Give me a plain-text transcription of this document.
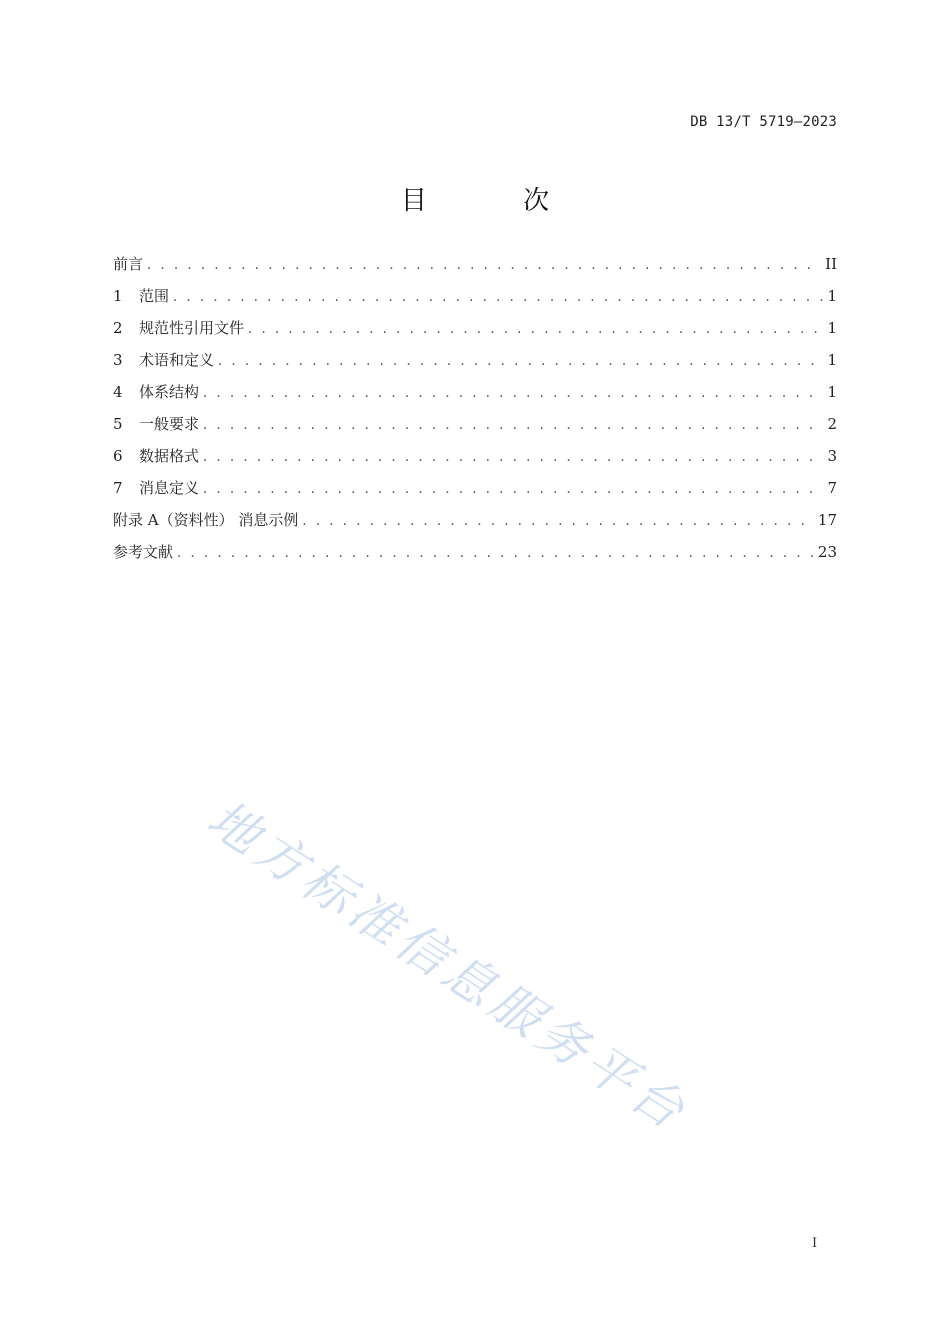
DB 13/T 5719—2023
目 次
前言 . . .	II
1	范围 . . .	1
2	规范性引用文件 . . .	1
3	术语和定义 . . .	1
4	体系结构 . . .	1
5	一般要求 . . .	2
6	数据格式 . . .	3
7	消息定义 . . .	7
附录 A（资料性） 消息示例 . . .	17
参考文献 . . .	23
地方标准信息服务平台
I
